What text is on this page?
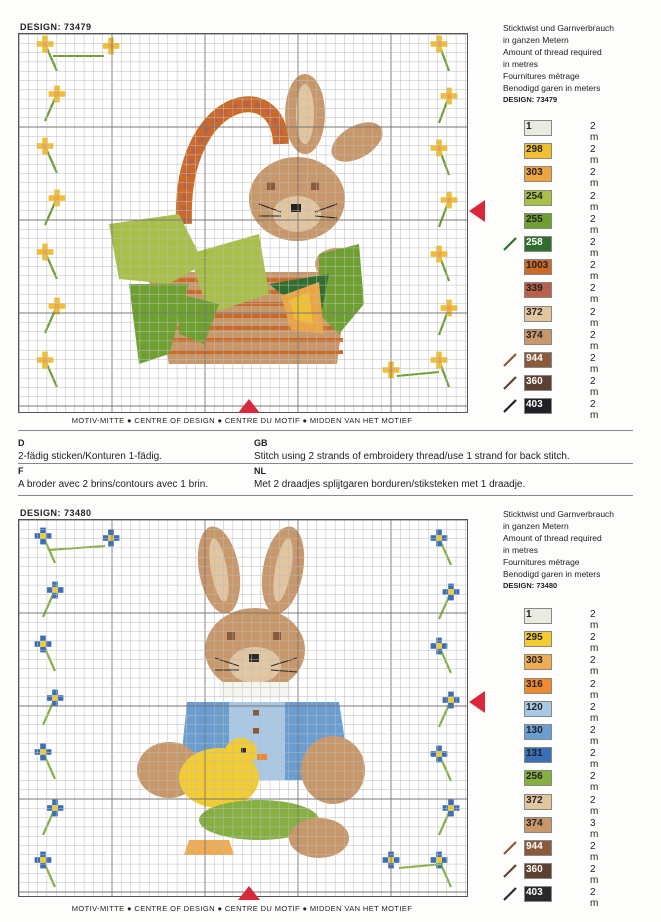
DESIGN: 73479
MOTIV-MITTE ● CENTRE OF DESIGN ● CENTRE DU MOTIF ● MIDDEN VAN HET MOTIEF
Sticktwist und Garnverbrauch
in ganzen Metern
Amount of thread required
in metres
Fournitures métrage
Benodigd garen in meters
DESIGN: 73479
1	2 m
298	2 m
303	2 m
254	2 m
255	2 m
258	2 m
1003	2 m
339	2 m
372	2 m
374	2 m
944	2 m
360	2 m
403	2 m
D
2-fädig sticken/Konturen 1-fädig.
GB
Stitch using 2 strands of embroidery thread/use 1 strand for back stitch.
F
A broder avec 2 brins/contours avec 1 brin.
NL
Met 2 draadjes splijtgaren borduren/stiksteken met 1 draadje.
DESIGN: 73480
MOTIV-MITTE ● CENTRE OF DESIGN ● CENTRE DU MOTIF ● MIDDEN VAN HET MOTIEF
Sticktwist und Garnverbrauch
in ganzen Metern
Amount of thread required
in metres
Fournitures métrage
Benodigd garen in meters
DESIGN: 73480
1	2 m
295	2 m
303	2 m
316	2 m
120	2 m
130	2 m
131	2 m
256	2 m
372	2 m
374	3 m
944	2 m
360	2 m
403	2 m
